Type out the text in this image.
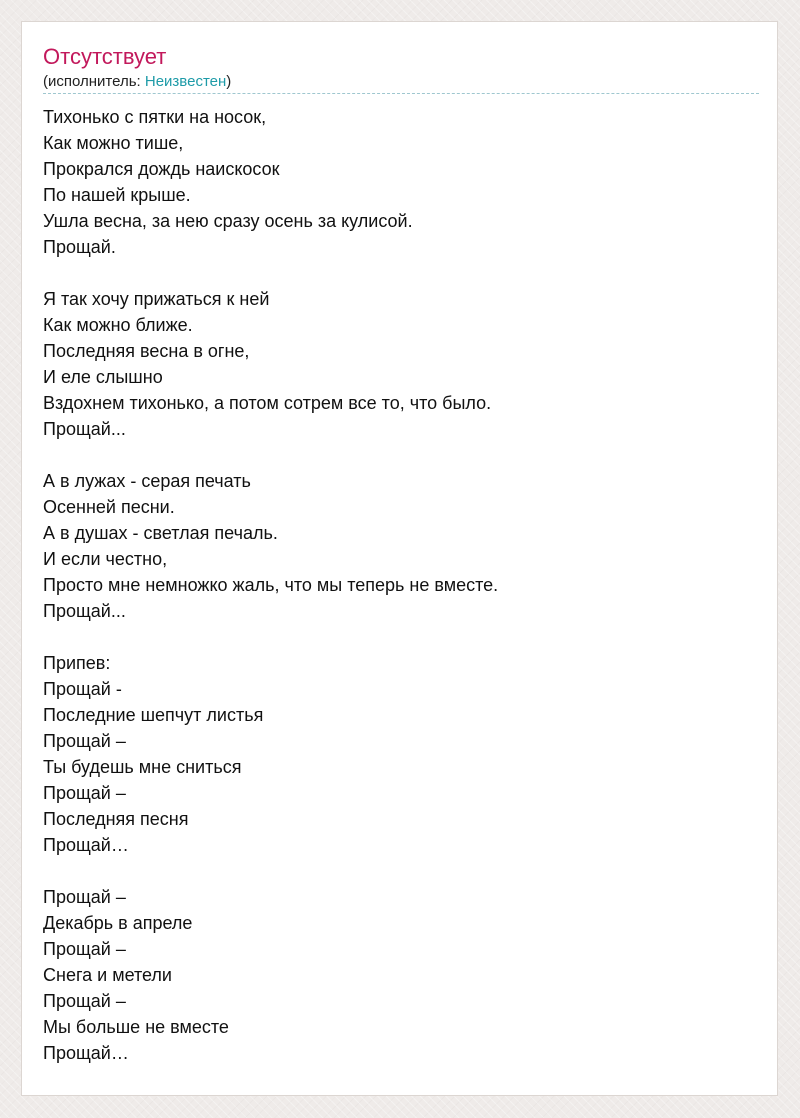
Отсутствует
(исполнитель: Неизвестен)
Тихонько с пятки на носок,
Как можно тише,
Прокрался дождь наискосок
По нашей крыше.
Ушла весна, за нею сразу осень за кулисой.
Прощай.
Я так хочу прижаться к ней
Как можно ближе.
Последняя весна в огне,
И еле слышно
Вздохнем тихонько, а потом сотрем все то, что было.
Прощай...
А в лужах - серая печать
Осенней песни.
А в душах - светлая печаль.
И если честно,
Просто мне немножко жаль, что мы теперь не вместе.
Прощай...
Припев:
Прощай -
Последние шепчут листья
Прощай –
Ты будешь мне сниться
Прощай –
Последняя песня
Прощай…
Прощай –
Декабрь в апреле
Прощай –
Снега и метели
Прощай –
Мы больше не вместе
Прощай…
